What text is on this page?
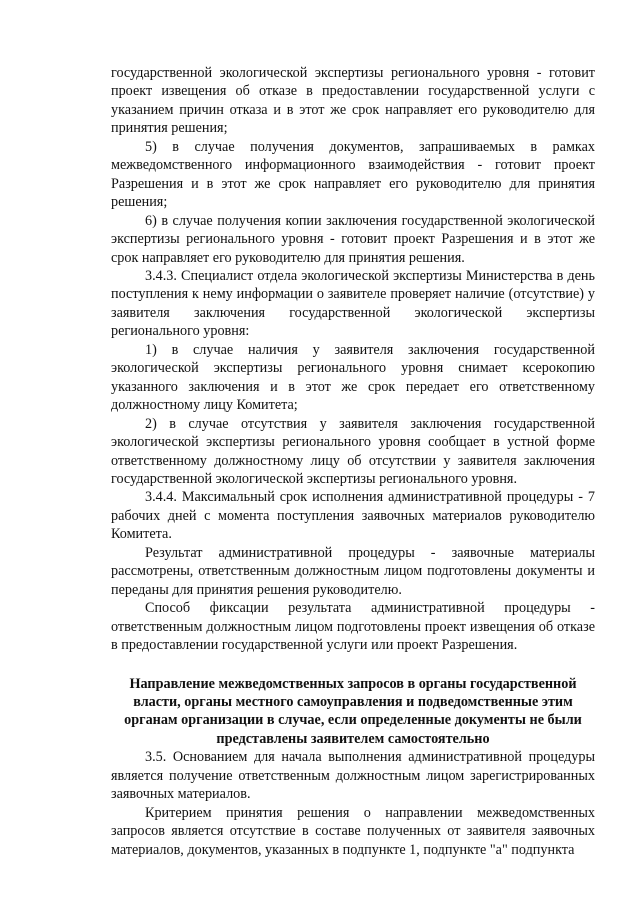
государственной экологической экспертизы регионального уровня - готовит проект извещения об отказе в предоставлении государственной услуги с указанием причин отказа и в этот же срок направляет его руководителю для принятия решения;

5) в случае получения документов, запрашиваемых в рамках межведомственного информационного взаимодействия - готовит проект Разрешения и в этот же срок направляет его руководителю для принятия решения;

6) в случае получения копии заключения государственной экологической экспертизы регионального уровня - готовит проект Разрешения и в этот же срок направляет его руководителю для принятия решения.

3.4.3. Специалист отдела экологической экспертизы Министерства в день поступления к нему информации о заявителе проверяет наличие (отсутствие) у заявителя заключения государственной экологической экспертизы регионального уровня:

1) в случае наличия у заявителя заключения государственной экологической экспертизы регионального уровня снимает ксерокопию указанного заключения и в этот же срок передает его ответственному должностному лицу Комитета;

2) в случае отсутствия у заявителя заключения государственной экологической экспертизы регионального уровня сообщает в устной форме ответственному должностному лицу об отсутствии у заявителя заключения государственной экологической экспертизы регионального уровня.

3.4.4. Максимальный срок исполнения административной процедуры - 7 рабочих дней с момента поступления заявочных материалов руководителю Комитета.

Результат административной процедуры - заявочные материалы рассмотрены, ответственным должностным лицом подготовлены документы и переданы для принятия решения руководителю.

Способ фиксации результата административной процедуры - ответственным должностным лицом подготовлены проект извещения об отказе в предоставлении государственной услуги или проект Разрешения.

Направление межведомственных запросов в органы государственной власти, органы местного самоуправления и подведомственные этим органам организации в случае, если определенные документы не были представлены заявителем самостоятельно

3.5. Основанием для начала выполнения административной процедуры является получение ответственным должностным лицом зарегистрированных заявочных материалов.

Критерием принятия решения о направлении межведомственных запросов является отсутствие в составе полученных от заявителя заявочных материалов, документов, указанных в подпункте 1, подпункте "а" подпункта
